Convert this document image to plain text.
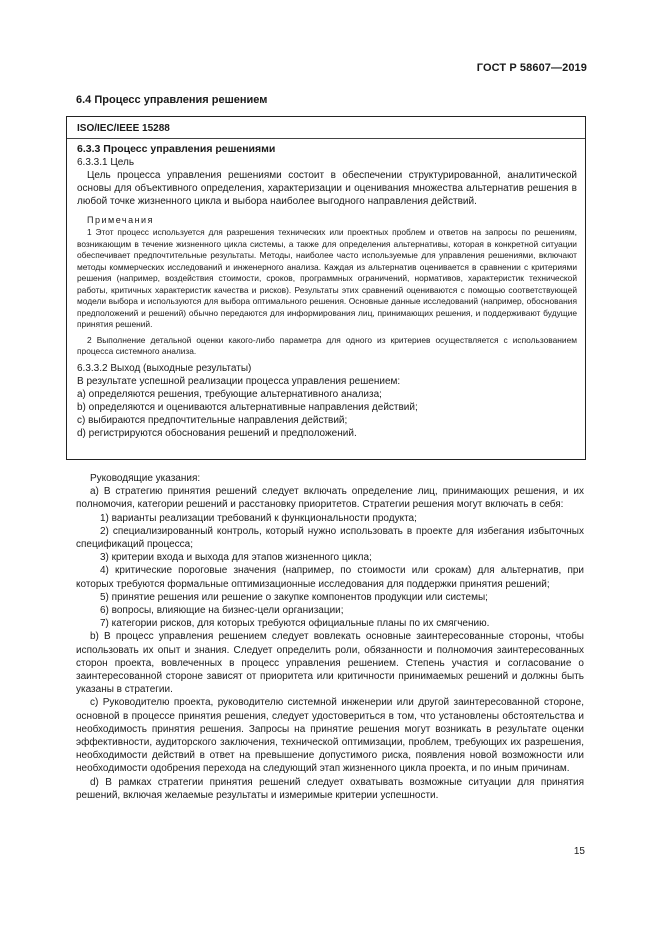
ГОСТ Р 58607—2019
6.4 Процесс управления решением

ISO/IEC/IEEE 15288

6.3.3 Процесс управления решениями

6.3.3.1 Цель

Цель процесса управления решениями состоит в обеспечении структурированной, аналитической основы для объективного определения, характеризации и оценивания множества альтернатив решения в любой точке жизненного цикла и выбора наиболее выгодного направления действий.

Примечания

1 Этот процесс используется для разрешения технических или проектных проблем и ответов на запросы по решениям, возникающим в течение жизненного цикла системы, а также для определения альтернативы, которая в конкретной ситуации обеспечивает предпочтительные результаты. Методы, наиболее часто используемые для управления решениями, включают методы коммерческих исследований и инженерного анализа. Каждая из альтернатив оценивается в сравнении с критериями решения (например, воздействия стоимости, сроков, программных ограничений, нормативов, характеристик технической работы, критичных характеристик качества и рисков). Результаты этих сравнений оцениваются с помощью соответствующей модели выбора и используются для выбора оптимального решения. Основные данные исследований (например, обоснования предположений и решений) обычно передаются для информирования лиц, принимающих решения, и поддерживают будущие принятия решений.

2 Выполнение детальной оценки какого-либо параметра для одного из критериев осуществляется с использованием процесса системного анализа.

6.3.3.2 Выход (выходные результаты)

В результате успешной реализации процесса управления решением:

a) определяются решения, требующие альтернативного анализа;

b) определяются и оцениваются альтернативные направления действий;

c) выбираются предпочтительные направления действий;

d) регистрируются обоснования решений и предположений.

Руководящие указания:

а) В стратегию принятия решений следует включать определение лиц, принимающих решения, и их полномочия, категории решений и расстановку приоритетов. Стратегии решения могут включать в себя:

1) варианты реализации требований к функциональности продукта;

2) специализированный контроль, который нужно использовать в проекте для избегания избыточных спецификаций процесса;

3) критерии входа и выхода для этапов жизненного цикла;

4) критические пороговые значения (например, по стоимости или срокам) для альтернатив, при которых требуются формальные оптимизационные исследования для поддержки принятия решений;

5) принятие решения или решение о закупке компонентов продукции или системы;

6) вопросы, влияющие на бизнес-цели организации;

7) категории рисков, для которых требуются официальные планы по их смягчению.

b) В процесс управления решением следует вовлекать основные заинтересованные стороны, чтобы использовать их опыт и знания. Следует определить роли, обязанности и полномочия заинтересованных сторон проекта, вовлеченных в процесс управления решением. Степень участия и согласование о заинтересованной стороне зависят от приоритета или критичности принимаемых решений и должны быть указаны в стратегии.

c) Руководителю проекта, руководителю системной инженерии или другой заинтересованной стороне, основной в процессе принятия решения, следует удостовериться в том, что установлены обстоятельства и необходимость принятия решения. Запросы на принятие решения могут возникать в результате оценки эффективности, аудиторского заключения, технической оптимизации, проблем, требующих их разрешения, необходимости действий в ответ на превышение допустимого риска, появления новой возможности или необходимости одобрения перехода на следующий этап жизненного цикла проекта, и по иным причинам.

d) В рамках стратегии принятия решений следует охватывать возможные ситуации для принятия решений, включая желаемые результаты и измеримые критерии успешности.

15
